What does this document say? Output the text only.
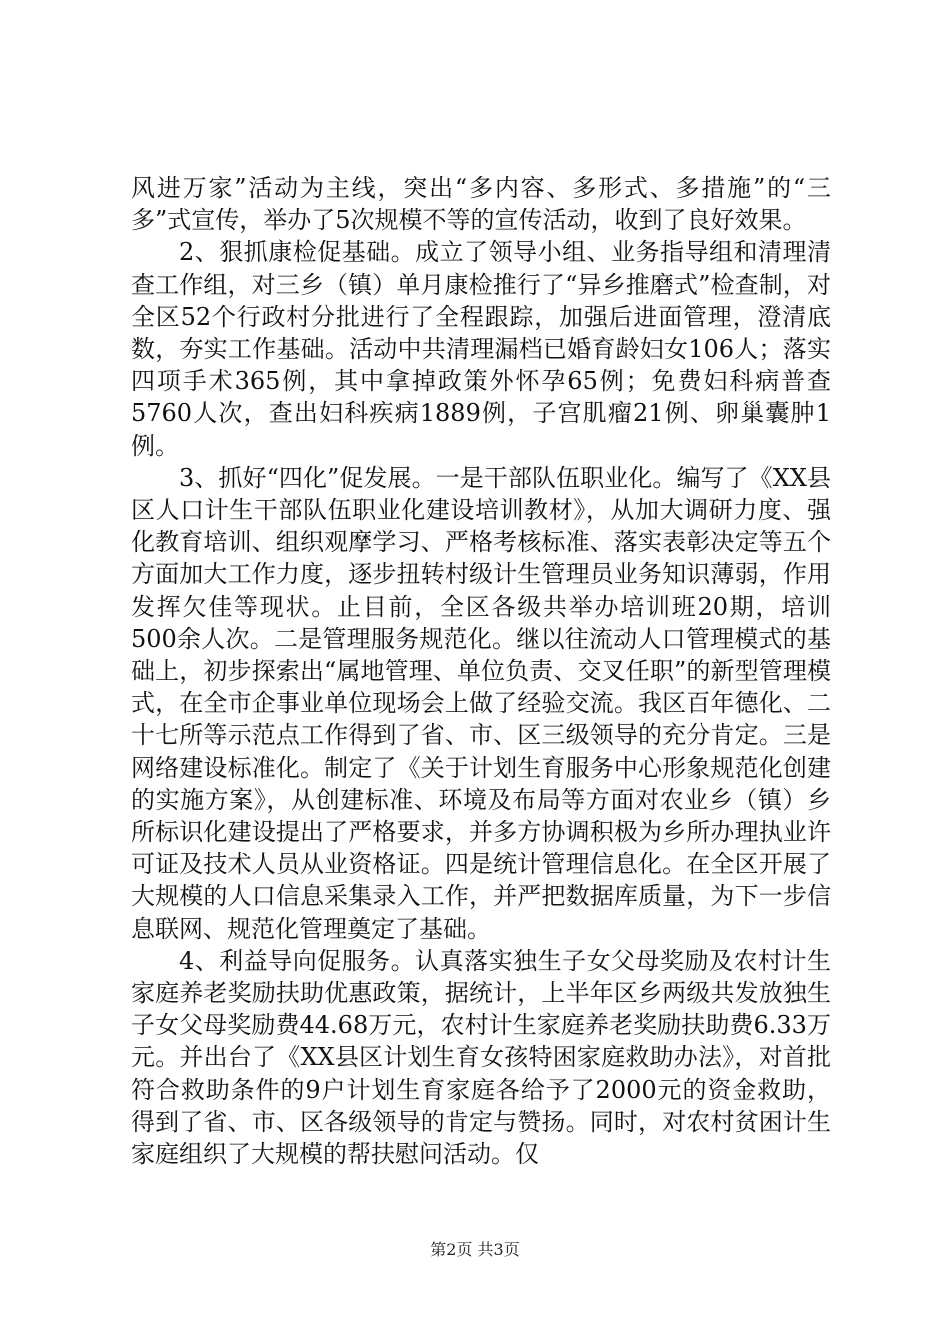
风进万家”活动为主线，突出“多内容、多形式、多措施”的“三多”式宣传，举办了5次规模不等的宣传活动，收到了良好效果。

2、狠抓康检促基础。成立了领导小组、业务指导组和清理清查工作组，对三乡（镇）单月康检推行了“异乡推磨式”检查制，对全区52个行政村分批进行了全程跟踪，加强后进面管理，澄清底数，夯实工作基础。活动中共清理漏档已婚育龄妇女106人；落实四项手术365例，其中拿掉政策外怀孕65例；免费妇科病普查5760人次，查出妇科疾病1889例，子宫肌瘤21例、卵巢囊肿1例。

3、抓好“四化”促发展。一是干部队伍职业化。编写了《XX县区人口计生干部队伍职业化建设培训教材》，从加大调研力度、强化教育培训、组织观摩学习、严格考核标准、落实表彰决定等五个方面加大工作力度，逐步扭转村级计生管理员业务知识薄弱，作用发挥欠佳等现状。止目前，全区各级共举办培训班20期，培训500余人次。二是管理服务规范化。继以往流动人口管理模式的基础上，初步探索出“属地管理、单位负责、交叉任职”的新型管理模式，在全市企事业单位现场会上做了经验交流。我区百年德化、二十七所等示范点工作得到了省、市、区三级领导的充分肯定。三是网络建设标准化。制定了《关于计划生育服务中心形象规范化创建的实施方案》，从创建标准、环境及布局等方面对农业乡（镇）乡所标识化建设提出了严格要求，并多方协调积极为乡所办理执业许可证及技术人员从业资格证。四是统计管理信息化。在全区开展了大规模的人口信息采集录入工作，并严把数据库质量，为下一步信息联网、规范化管理奠定了基础。

4、利益导向促服务。认真落实独生子女父母奖励及农村计生家庭养老奖励扶助优惠政策，据统计，上半年区乡两级共发放独生子女父母奖励费44.68万元，农村计生家庭养老奖励扶助费6.33万元。并出台了《XX县区计划生育女孩特困家庭救助办法》，对首批符合救助条件的9户计划生育家庭各给予了2000元的资金救助，得到了省、市、区各级领导的肯定与赞扬。同时，对农村贫困计生家庭组织了大规模的帮扶慰问活动。仅

第2页 共3页
